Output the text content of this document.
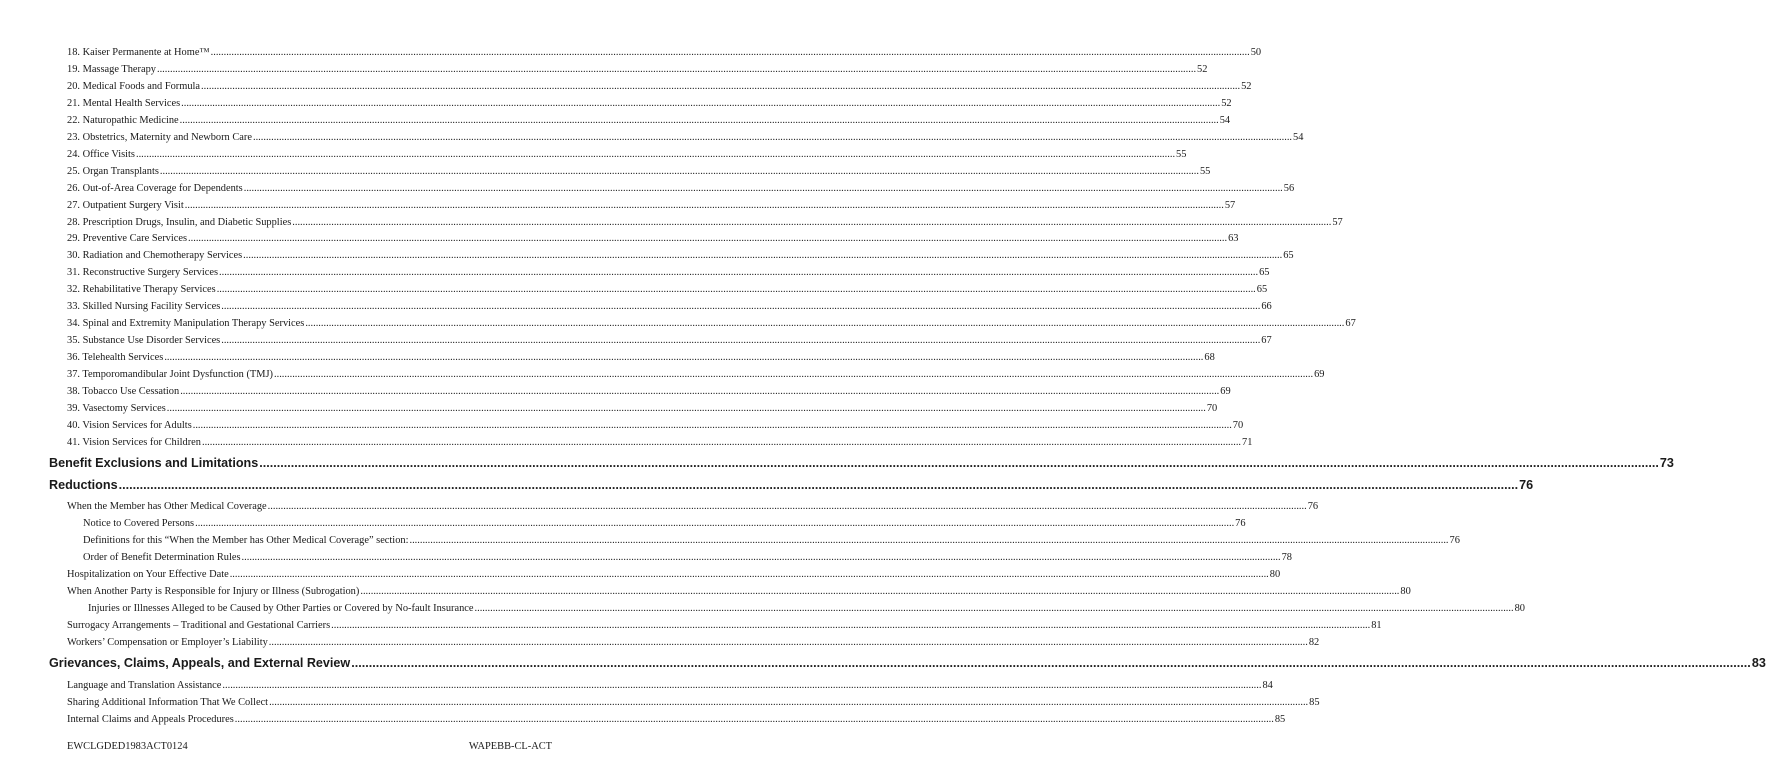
18. Kaiser Permanente at Home™ ................................................................................................................................................................................................................................................................................................................................................................................................................ 50
19. Massage Therapy ................................................................................................................................................................................................................................................................................................................................................................................................................ 52
20. Medical Foods and Formula ................................................................................................................................................................................................................................................................................................................................................................................................................ 52
21. Mental Health Services ................................................................................................................................................................................................................................................................................................................................................................................................................ 52
22. Naturopathic Medicine ................................................................................................................................................................................................................................................................................................................................................................................................................ 54
23. Obstetrics, Maternity and Newborn Care ................................................................................................................................................................................................................................................................................................................................................................................................................ 54
24. Office Visits ................................................................................................................................................................................................................................................................................................................................................................................................................ 55
25. Organ Transplants ................................................................................................................................................................................................................................................................................................................................................................................................................ 55
26. Out-of-Area Coverage for Dependents ................................................................................................................................................................................................................................................................................................................................................................................................................ 56
27. Outpatient Surgery Visit ................................................................................................................................................................................................................................................................................................................................................................................................................ 57
28. Prescription Drugs, Insulin, and Diabetic Supplies ................................................................................................................................................................................................................................................................................................................................................................................................................ 57
29. Preventive Care Services ................................................................................................................................................................................................................................................................................................................................................................................................................ 63
30. Radiation and Chemotherapy Services ................................................................................................................................................................................................................................................................................................................................................................................................................ 65
31. Reconstructive Surgery Services ................................................................................................................................................................................................................................................................................................................................................................................................................ 65
32. Rehabilitative Therapy Services ................................................................................................................................................................................................................................................................................................................................................................................................................ 65
33. Skilled Nursing Facility Services ................................................................................................................................................................................................................................................................................................................................................................................................................ 66
34. Spinal and Extremity Manipulation Therapy Services ................................................................................................................................................................................................................................................................................................................................................................................................................ 67
35. Substance Use Disorder Services ................................................................................................................................................................................................................................................................................................................................................................................................................ 67
36. Telehealth Services ................................................................................................................................................................................................................................................................................................................................................................................................................ 68
37. Temporomandibular Joint Dysfunction (TMJ) ................................................................................................................................................................................................................................................................................................................................................................................................................ 69
38. Tobacco Use Cessation ................................................................................................................................................................................................................................................................................................................................................................................................................ 69
39. Vasectomy Services ................................................................................................................................................................................................................................................................................................................................................................................................................ 70
40. Vision Services for Adults ................................................................................................................................................................................................................................................................................................................................................................................................................ 70
41. Vision Services for Children ................................................................................................................................................................................................................................................................................................................................................................................................................ 71
Benefit Exclusions and Limitations ................................................................................................................................................................................................................................................................................................................................................................................................................ 73
Reductions ................................................................................................................................................................................................................................................................................................................................................................................................................ 76
When the Member has Other Medical Coverage ................................................................................................................................................................................................................................................................................................................................................................................................................ 76
Notice to Covered Persons ................................................................................................................................................................................................................................................................................................................................................................................................................ 76
Definitions for this “When the Member has Other Medical Coverage” section: ................................................................................................................................................................................................................................................................................................................................................................................................................ 76
Order of Benefit Determination Rules ................................................................................................................................................................................................................................................................................................................................................................................................................ 78
Hospitalization on Your Effective Date ................................................................................................................................................................................................................................................................................................................................................................................................................ 80
When Another Party is Responsible for Injury or Illness (Subrogation) ................................................................................................................................................................................................................................................................................................................................................................................................................ 80
Injuries or Illnesses Alleged to be Caused by Other Parties or Covered by No-fault Insurance ................................................................................................................................................................................................................................................................................................................................................................................................................ 80
Surrogacy Arrangements – Traditional and Gestational Carriers ................................................................................................................................................................................................................................................................................................................................................................................................................ 81
Workers’ Compensation or Employer’s Liability ................................................................................................................................................................................................................................................................................................................................................................................................................ 82
Grievances, Claims, Appeals, and External Review ................................................................................................................................................................................................................................................................................................................................................................................................................ 83
Language and Translation Assistance ................................................................................................................................................................................................................................................................................................................................................................................................................ 84
Sharing Additional Information That We Collect ................................................................................................................................................................................................................................................................................................................................................................................................................ 85
Internal Claims and Appeals Procedures ................................................................................................................................................................................................................................................................................................................................................................................................................ 85
EWCLGDED1983ACT0124	WAPEBB-CL-ACT
